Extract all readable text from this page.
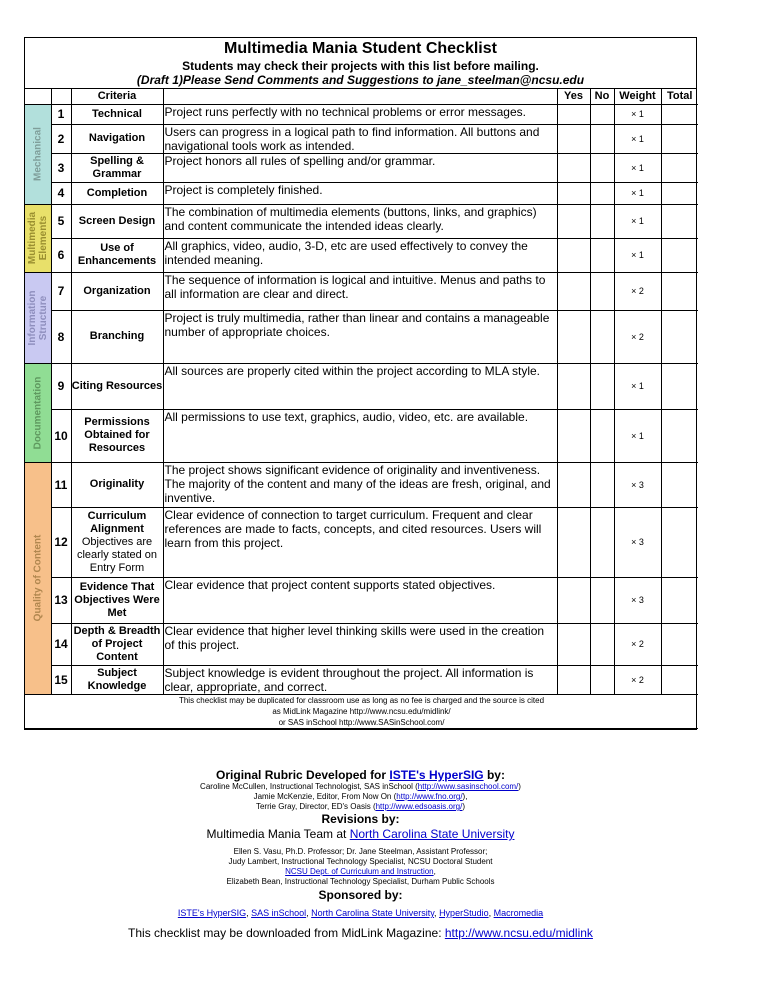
Multimedia Mania Student Checklist
Students may check their projects with this list before mailing.
(Draft 1)Please Send Comments and Suggestions to jane_steelman@ncsu.edu
		Criteria		Yes	No	Weight	Total

Mechanical	1	Technical	Project runs perfectly with no technical problems or error messages.			× 1	
	2	Navigation	Users can progress in a logical path to find information. All buttons and navigational tools work as intended.			× 1	
	3	Spelling & Grammar	Project honors all rules of spelling and/or grammar.			× 1	
	4	Completion	Project is completely finished.			× 1	

Multimedia Elements	5	Screen Design	The combination of multimedia elements (buttons, links, and graphics) and content communicate the intended ideas clearly.			× 1	
	6	Use of Enhancements	All graphics, video, audio, 3-D, etc are used effectively to convey the intended meaning.			× 1	

Information Structure	7	Organization	The sequence of information is logical and intuitive. Menus and paths to all information are clear and direct.			× 2	
	8	Branching	Project is truly multimedia, rather than linear and contains a manageable number of appropriate choices.			× 2	

Documentation	9	Citing Resources	All sources are properly cited within the project according to MLA style.			× 1	
	10	Permissions Obtained for Resources	All permissions to use text, graphics, audio, video, etc. are available.			× 1	

Quality of Content	11	Originality	The project shows significant evidence of originality and inventiveness. The majority of the content and many of the ideas are fresh, original, and inventive.			× 3	
	12	Curriculum Alignment
Objectives are clearly stated on Entry Form	Clear evidence of connection to target curriculum. Frequent and clear references are made to facts, concepts, and cited resources. Users will learn from this project.			× 3	
	13	Evidence That Objectives Were Met	Clear evidence that project content supports stated objectives.			× 3	
	14	Depth & Breadth of Project Content	Clear evidence that higher level thinking skills were used in the creation of this project.			× 2	
	15	Subject Knowledge	Subject knowledge is evident throughout the project. All information is clear, appropriate, and correct.			× 2	

This checklist may be duplicated for classroom use as long as no fee is charged and the source is cited
as MidLink Magazine http://www.ncsu.edu/midlink/
or SAS inSchool http://www.SASinSchool.com/							
Original Rubric Developed for ISTE's HyperSIG by:
Caroline McCullen, Instructional Technologist, SAS inSchool (http://www.sasinschool.com/)
Jamie McKenzie, Editor, From Now On (http://www.fno.org/),
Terrie Gray, Director, ED's Oasis (http://www.edsoasis.org/)
Revisions by:
Multimedia Mania Team at North Carolina State University
Ellen S. Vasu, Ph.D. Professor; Dr. Jane Steelman, Assistant Professor;
Judy Lambert, Instructional Technology Specialist, NCSU Doctoral Student
NCSU Dept. of Curriculum and Instruction,
Elizabeth Bean, Instructional Technology Specialist, Durham Public Schools
Sponsored by:
ISTE's HyperSIG, SAS inSchool, North Carolina State University, HyperStudio, Macromedia
This checklist may be downloaded from MidLink Magazine: http://www.ncsu.edu/midlink
